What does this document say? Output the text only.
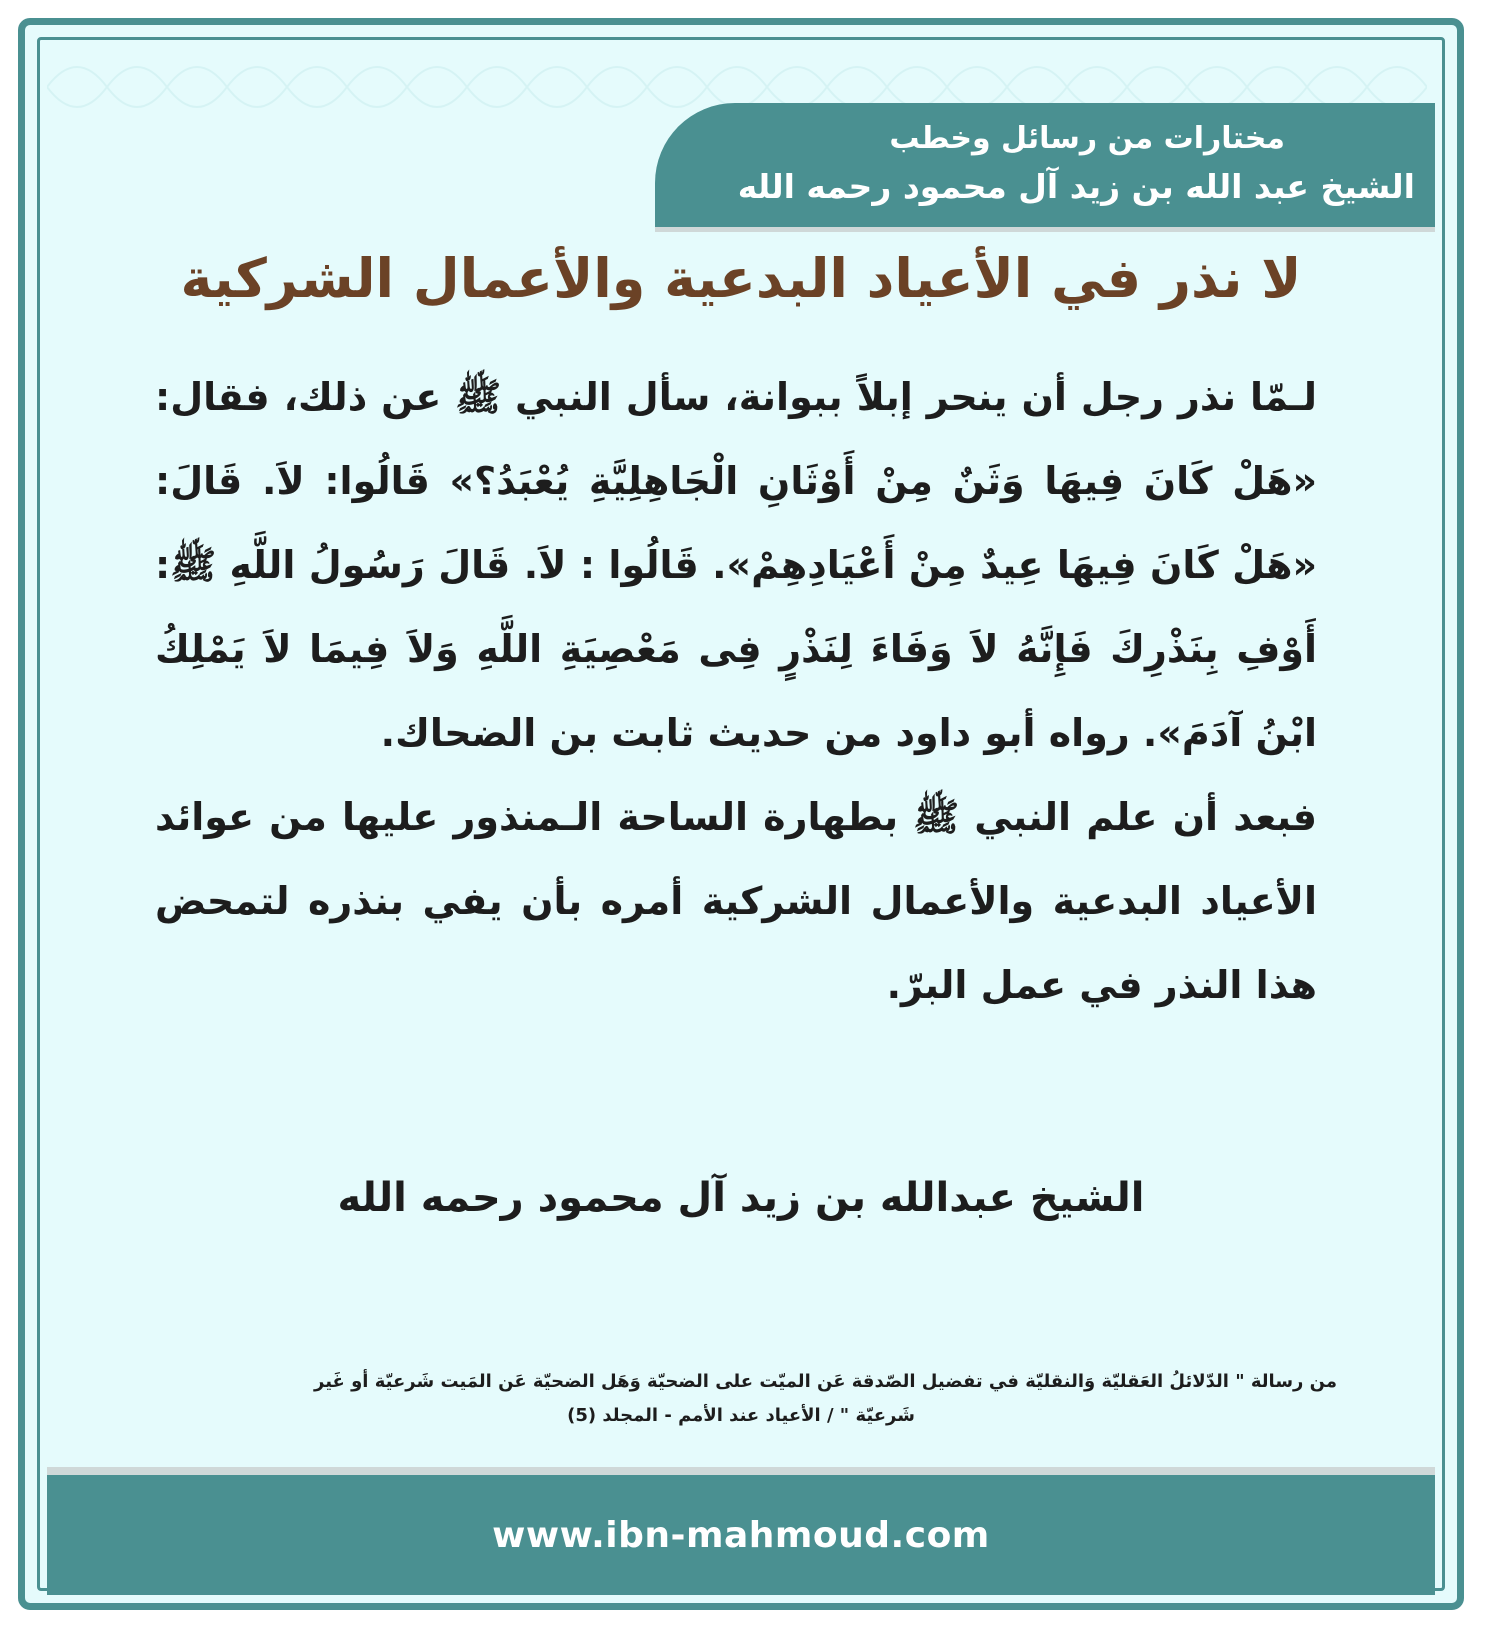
مختارات من رسائل وخطب
الشيخ عبد الله بن زيد آل محمود رحمه الله
لا نذر في الأعياد البدعية والأعمال الشركية

لـمّا نذر رجل أن ينحر إبلاً ببوانة، سأل النبي ﷺ عن ذلك، فقال: «هَلْ كَانَ فِيهَا وَثَنٌ مِنْ أَوْثَانِ الْجَاهِلِيَّةِ يُعْبَدُ؟» قَالُوا: لاَ. قَالَ: «هَلْ كَانَ فِيهَا عِيدٌ مِنْ أَعْيَادِهِمْ». قَالُوا : لاَ. قَالَ رَسُولُ اللَّهِ ﷺ: أَوْفِ بِنَذْرِكَ فَإِنَّهُ لاَ وَفَاءَ لِنَذْرٍ فِى مَعْصِيَةِ اللَّهِ وَلاَ فِيمَا لاَ يَمْلِكُ ابْنُ آدَمَ». رواه أبو داود من حديث ثابت بن الضحاك.

فبعد أن علم النبي ﷺ بطهارة الساحة الـمنذور عليها من عوائد الأعياد البدعية والأعمال الشركية أمره بأن يفي بنذره لتمحض هذا النذر في عمل البرّ.

الشيخ عبدالله بن زيد آل محمود رحمه الله
من رسالة " الدّلائلُ العَقليّة وَالنقليّة في تفضيل الصّدقة عَن الميّت على الضحيّة وَهَل الضحيّة عَن المَيت شَرعيّة أو غَير
شَرعيّة " / الأعياد عند الأمم - المجلد (5)
www.ibn-mahmoud.com
